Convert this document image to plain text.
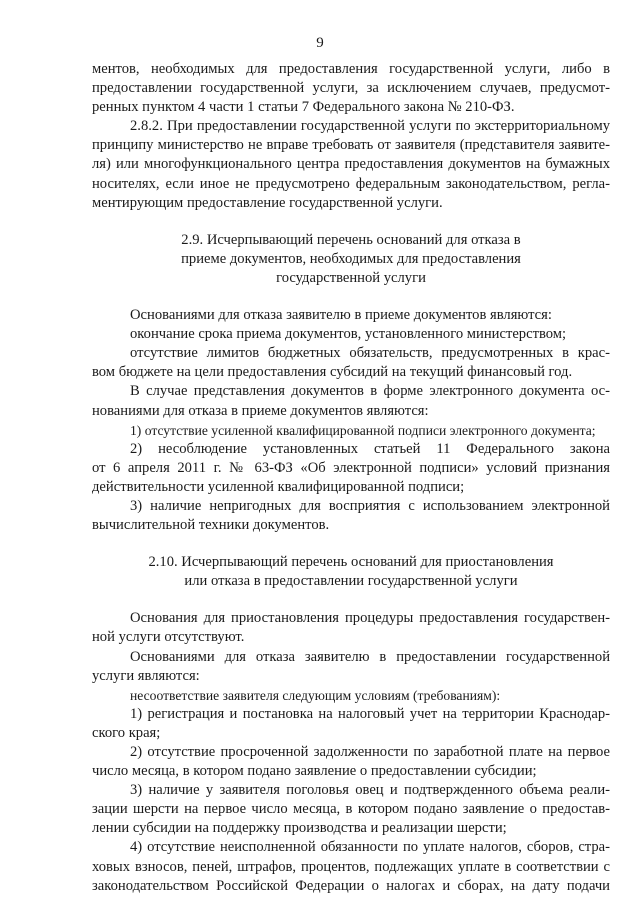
9

ментов, необходимых для предоставления государственной услуги, либо в

предоставлении государственной услуги, за исключением случаев, предусмот-

ренных пунктом 4 части 1 статьи 7 Федерального закона № 210-ФЗ.

2.8.2. При предоставлении государственной услуги по экстерриториальному

принципу министерство не вправе требовать от заявителя (представителя заявите-

ля) или многофункционального центра предоставления документов на бумажных

носителях, если иное не предусмотрено федеральным законодательством, регла-

ментирующим предоставление государственной услуги.

2.9. Исчерпывающий перечень оснований для отказа в

приеме документов, необходимых для предоставления

государственной услуги

Основаниями для отказа заявителю в приеме документов являются:

окончание срока приема документов, установленного министерством;

отсутствие лимитов бюджетных обязательств, предусмотренных в крас-

вом бюджете на цели предоставления субсидий на текущий финансовый год.

В случае представления документов в форме электронного документа ос-

нованиями для отказа в приеме документов являются:

1) отсутствие усиленной квалифицированной подписи электронного документа;

2) несоблюдение установленных статьей 11 Федерального закона

от 6 апреля 2011 г. № 63-ФЗ «Об электронной подписи» условий признания

действительности усиленной квалифицированной подписи;

3) наличие непригодных для восприятия с использованием электронной

вычислительной техники документов.

2.10. Исчерпывающий перечень оснований для приостановления

или отказа в предоставлении государственной услуги

Основания для приостановления процедуры предоставления государствен-

ной услуги отсутствуют.

Основаниями для отказа заявителю в предоставлении государственной

услуги являются:

несоответствие заявителя следующим условиям (требованиям):

1) регистрация и постановка на налоговый учет на территории Краснодар-

ского края;

2) отсутствие просроченной задолженности по заработной плате на первое

число месяца, в котором подано заявление о предоставлении субсидии;

3) наличие у заявителя поголовья овец и подтвержденного объема реали-

зации шерсти на первое число месяца, в котором подано заявление о предостав-

лении субсидии на поддержку производства и реализации шерсти;

4) отсутствие неисполненной обязанности по уплате налогов, сборов, стра-

ховых взносов, пеней, штрафов, процентов, подлежащих уплате в соответствии с

законодательством Российской Федерации о налогах и сборах, на дату подачи
